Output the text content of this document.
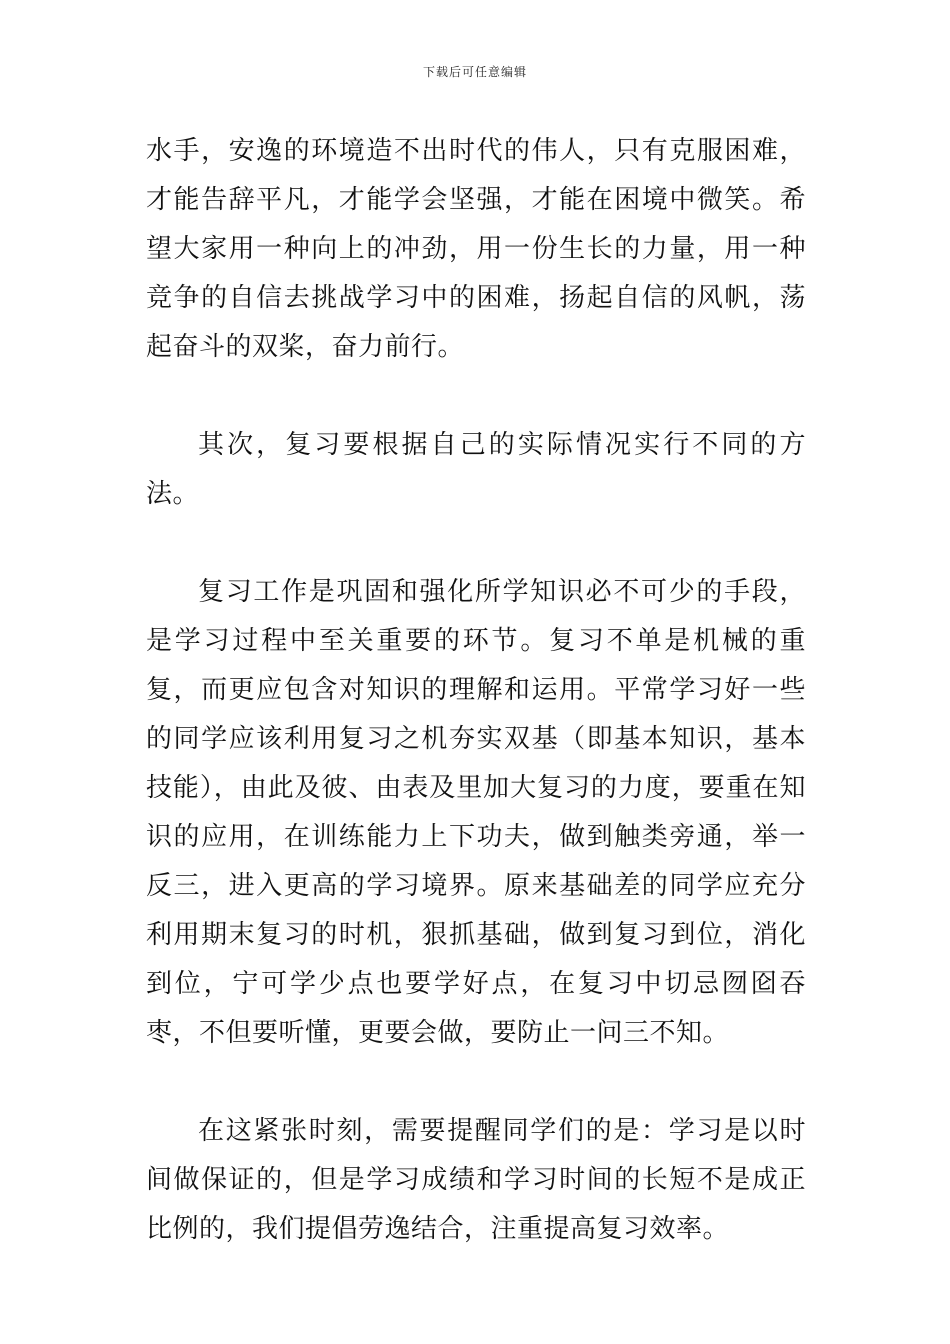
下载后可任意编辑

水手，安逸的环境造不出时代的伟人，只有克服困难，才能告辞平凡，才能学会坚强，才能在困境中微笑。希望大家用一种向上的冲劲，用一份生长的力量，用一种竞争的自信去挑战学习中的困难，扬起自信的风帆，荡起奋斗的双桨，奋力前行。

其次，复习要根据自己的实际情况实行不同的方法。

复习工作是巩固和强化所学知识必不可少的手段，是学习过程中至关重要的环节。复习不单是机械的重复，而更应包含对知识的理解和运用。平常学习好一些的同学应该利用复习之机夯实双基（即基本知识，基本技能），由此及彼、由表及里加大复习的力度，要重在知识的应用，在训练能力上下功夫，做到触类旁通，举一反三，进入更高的学习境界。原来基础差的同学应充分利用期末复习的时机，狠抓基础，做到复习到位，消化到位，宁可学少点也要学好点，在复习中切忌囫囵吞枣，不但要听懂，更要会做，要防止一问三不知。

在这紧张时刻，需要提醒同学们的是：学习是以时间做保证的，但是学习成绩和学习时间的长短不是成正比例的，我们提倡劳逸结合，注重提高复习效率。
